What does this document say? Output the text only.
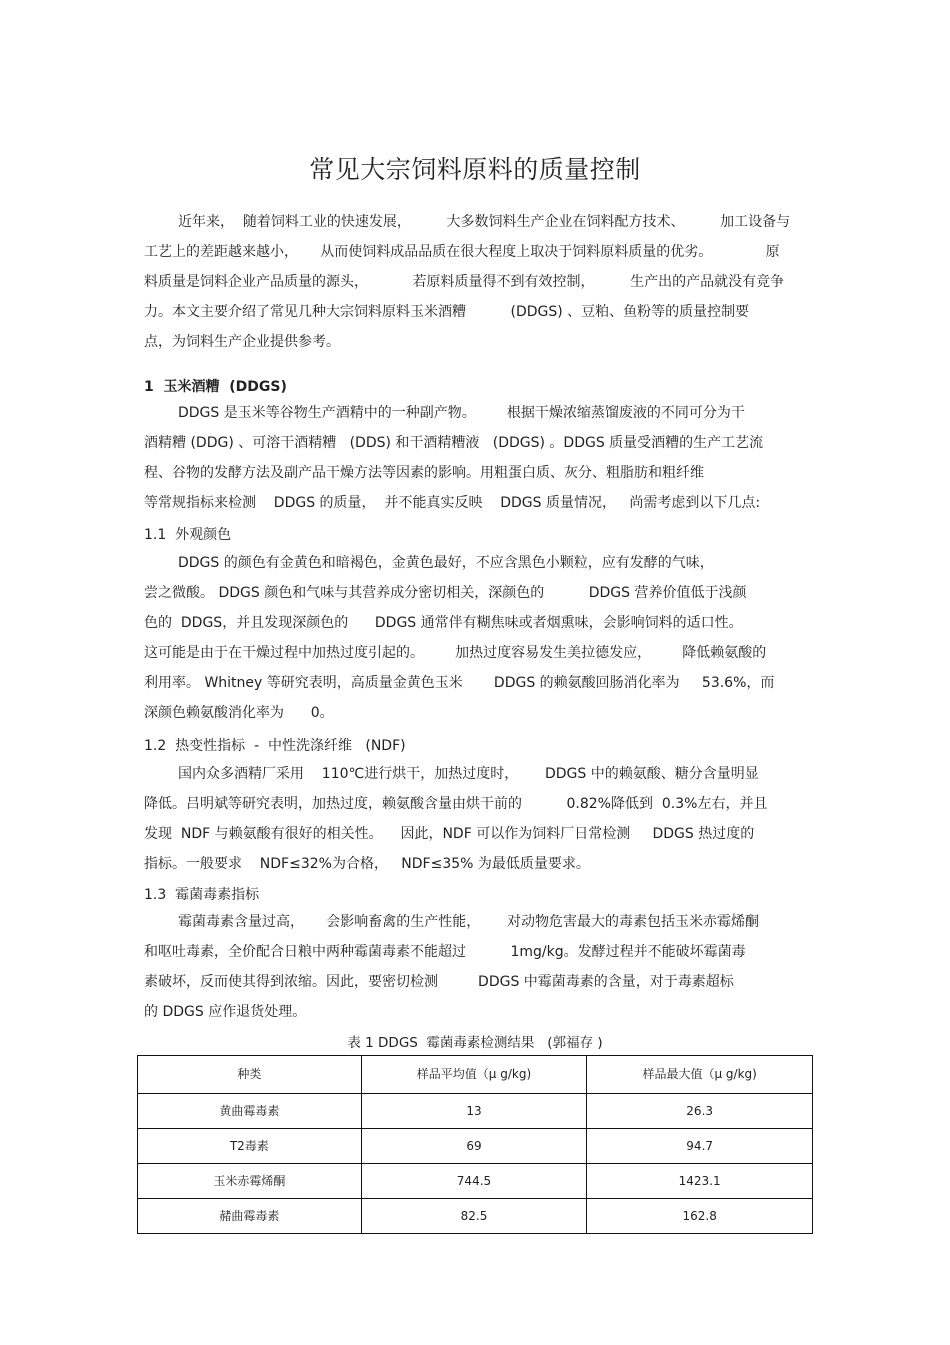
常见大宗饲料原料的质量控制
近年来，  随着饲料工业的快速发展，        大多数饲料生产企业在饲料配方技术、        加工设备与
工艺上的差距越来越小，     从而使饲料成品品质在很大程度上取决于饲料原料质量的优劣。            原
料质量是饲料企业产品质量的源头，          若原料质量得不到有效控制，        生产出的产品就没有竞争
力。本文主要介绍了常见几种大宗饲料原料玉米酒糟          (DDGS) 、豆粕、鱼粉等的质量控制要
点，为饲料生产企业提供参考。
1  玉米酒糟  (DDGS)
DDGS 是玉米等谷物生产酒精中的一种副产物。       根据干燥浓缩蒸馏废液的不同可分为干
酒精糟 (DDG) 、可溶干酒精糟   (DDS) 和干酒精糟液   (DDGS) 。DDGS 质量受酒糟的生产工艺流
程、谷物的发酵方法及副产品干燥方法等因素的影响。用粗蛋白质、灰分、粗脂肪和粗纤维
等常规指标来检测    DDGS 的质量，  并不能真实反映    DDGS 质量情况，   尚需考虑到以下几点:
1.1  外观颜色
DDGS 的颜色有金黄色和暗褐色，金黄色最好，不应含黑色小颗粒，应有发酵的气味，
尝之微酸。 DDGS 颜色和气味与其营养成分密切相关，深颜色的          DDGS 营养价值低于浅颜
色的  DDGS，并且发现深颜色的      DDGS 通常伴有糊焦味或者烟熏味，会影响饲料的适口性。
这可能是由于在干燥过程中加热过度引起的。       加热过度容易发生美拉德发应，       降低赖氨酸的
利用率。 Whitney 等研究表明，高质量金黄色玉米       DDGS 的赖氨酸回肠消化率为     53.6%，而
深颜色赖氨酸消化率为      0。
1.2  热变性指标  -  中性洗涤纤维   (NDF)
国内众多酒精厂采用    110℃进行烘干，加热过度时，      DDGS 中的赖氨酸、糖分含量明显
降低。吕明斌等研究表明，加热过度，赖氨酸含量由烘干前的          0.82%降低到  0.3%左右，并且
发现  NDF 与赖氨酸有很好的相关性。    因此，NDF 可以作为饲料厂日常检测     DDGS 热过度的
指标。一般要求    NDF≤32%为合格，   NDF≤35% 为最低质量要求。
1.3  霉菌毒素指标
霉菌毒素含量过高，     会影响畜禽的生产性能，      对动物危害最大的毒素包括玉米赤霉烯酮
和呕吐毒素，全价配合日粮中两种霉菌毒素不能超过          1mg/kg。发酵过程并不能破坏霉菌毒
素破坏，反而使其得到浓缩。因此，要密切检测         DDGS 中霉菌毒素的含量，对于毒素超标
的 DDGS 应作退货处理。
表 1 DDGS  霉菌毒素检测结果   (郭福存 )
种类	样品平均值（μ g/kg)	样品最大值（μ g/kg)
黄曲霉毒素	13	26.3
T2毒素	69	94.7
玉米赤霉烯酮	744.5	1423.1
赭曲霉毒素	82.5	162.8
